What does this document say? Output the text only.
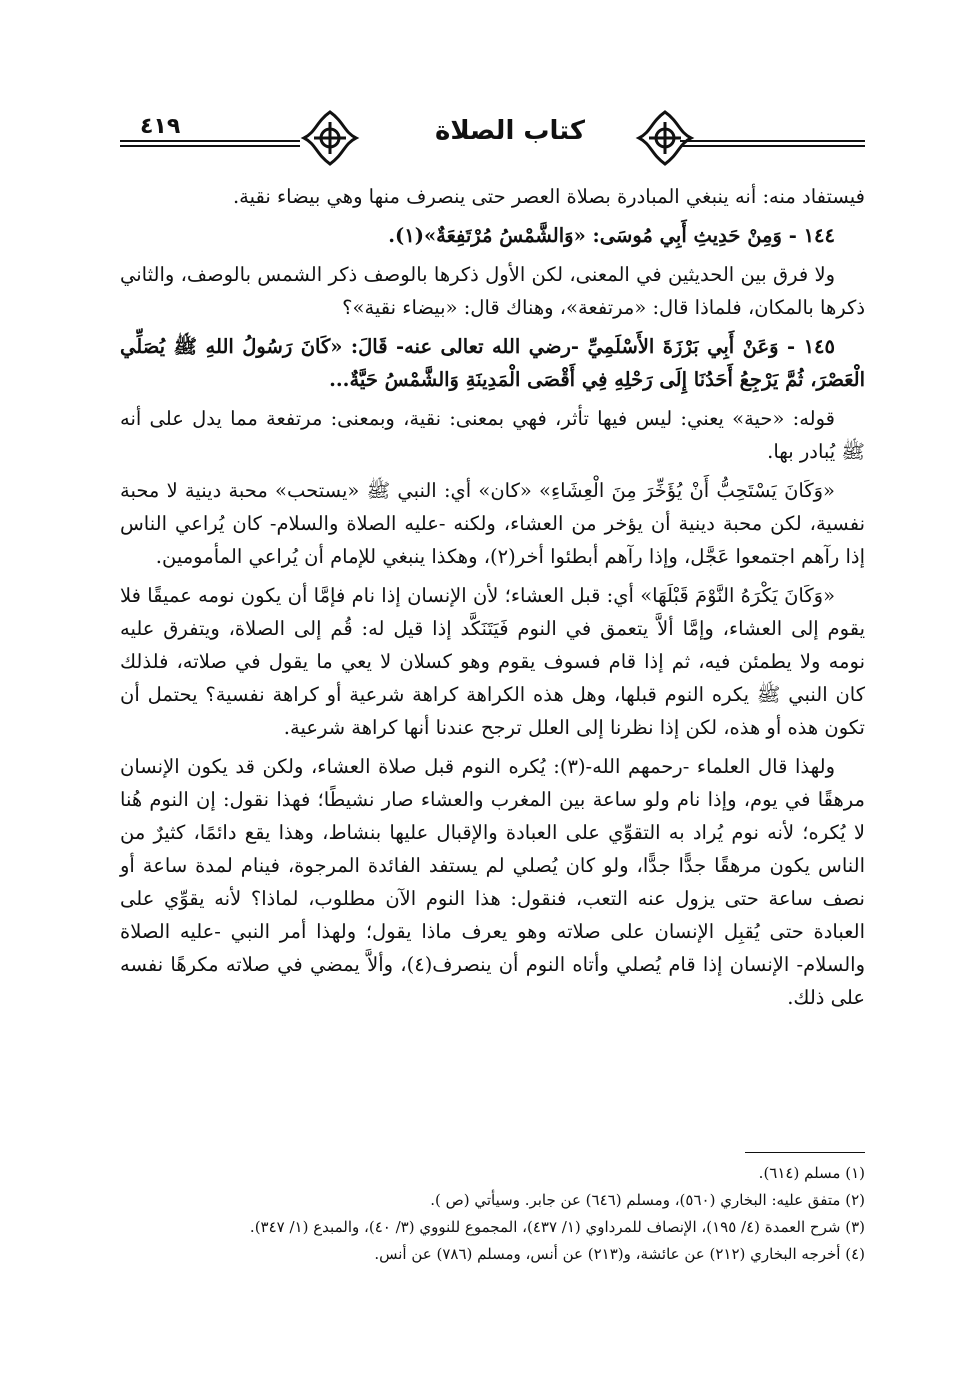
٤١٩	كتاب الصلاة

فيستفاد منه: أنه ينبغي المبادرة بصلاة العصر حتى ينصرف منها وهي بيضاء نقية.

١٤٤ - وَمِنْ حَدِيثِ أَبِي مُوسَى: «وَالشَّمْسُ مُرْتَفِعَةٌ»(١).

ولا فرق بين الحديثين في المعنى، لكن الأول ذكرها بالوصف ذكر الشمس بالوصف، والثاني ذكرها بالمكان، فلماذا قال: «مرتفعة»، وهناك قال: «بيضاء نقية»؟

١٤٥ - وَعَنْ أَبِي بَرْزَةَ الأَسْلَمِيِّ -رضي الله تعالى عنه- قَالَ: «كَانَ رَسُولُ اللهِ ﷺ يُصَلِّي الْعَصْرَ، ثُمَّ يَرْجِعُ أَحَدُنَا إِلَى رَحْلِهِ فِي أَقْصَى الْمَدِينَةِ وَالشَّمْسُ حَيَّةٌ...

قوله: «حية» يعني: ليس فيها تأثر، فهي بمعنى: نقية، وبمعنى: مرتفعة مما يدل على أنه ﷺ يُبادر بها.

«وَكَانَ يَسْتَحِبُّ أَنْ يُؤَخِّرَ مِنَ الْعِشَاءِ» «كان» أي: النبي ﷺ «يستحب» محبة دينية لا محبة نفسية، لكن محبة دينية أن يؤخر من العشاء، ولكنه -عليه الصلاة والسلام- كان يُراعي الناس إذا رآهم اجتمعوا عَجَّل، وإذا رآهم أبطئوا أخر(٢)، وهكذا ينبغي للإمام أن يُراعي المأمومين.

«وَكَانَ يَكْرَهُ النَّوْمَ قَبْلَهَا» أي: قبل العشاء؛ لأن الإنسان إذا نام فإمَّا أن يكون نومه عميقًا فلا يقوم إلى العشاء، وإمَّا ألاَّ يتعمق في النوم فَيَتَنَكَّد إذا قيل له: قُم إلى الصلاة، ويتفرق عليه نومه ولا يطمئن فيه، ثم إذا قام فسوف يقوم وهو كسلان لا يعي ما يقول في صلاته، فلذلك كان النبي ﷺ يكره النوم قبلها، وهل هذه الكراهة كراهة شرعية أو كراهة نفسية؟ يحتمل أن تكون هذه أو هذه، لكن إذا نظرنا إلى العلل ترجح عندنا أنها كراهة شرعية.

ولهذا قال العلماء -رحمهم الله-(٣): يُكره النوم قبل صلاة العشاء، ولكن قد يكون الإنسان مرهقًا في يوم، وإذا نام ولو ساعة بين المغرب والعشاء صار نشيطًا؛ فهذا نقول: إن النوم هُنا لا يُكره؛ لأنه نوم يُراد به التقوِّي على العبادة والإقبال عليها بنشاط، وهذا يقع دائمًا، كثيرٌ من الناس يكون مرهقًا جدًّا جدًّا، ولو كان يُصلي لم يستفد الفائدة المرجوة، فينام لمدة ساعة أو نصف ساعة حتى يزول عنه التعب، فنقول: هذا النوم الآن مطلوب، لماذا؟ لأنه يقوِّي على العبادة حتى يُقبِل الإنسان على صلاته وهو يعرف ماذا يقول؛ ولهذا أمر النبي -عليه الصلاة والسلام- الإنسان إذا قام يُصلي وأتاه النوم أن ينصرف(٤)، وألاَّ يمضي في صلاته مكرهًا نفسه على ذلك.

(١) مسلم (٦١٤).
(٢) متفق عليه: البخاري (٥٦٠)، ومسلم (٦٤٦) عن جابر. وسيأتي (ص ).
(٣) شرح العمدة (٤/ ١٩٥)، الإنصاف للمرداوي (١/ ٤٣٧)، المجموع للنووي (٣/ ٤٠)، والمبدع (١/ ٣٤٧).
(٤) أخرجه البخاري (٢١٢) عن عائشة، و(٢١٣) عن أنس، ومسلم (٧٨٦) عن أنس.
